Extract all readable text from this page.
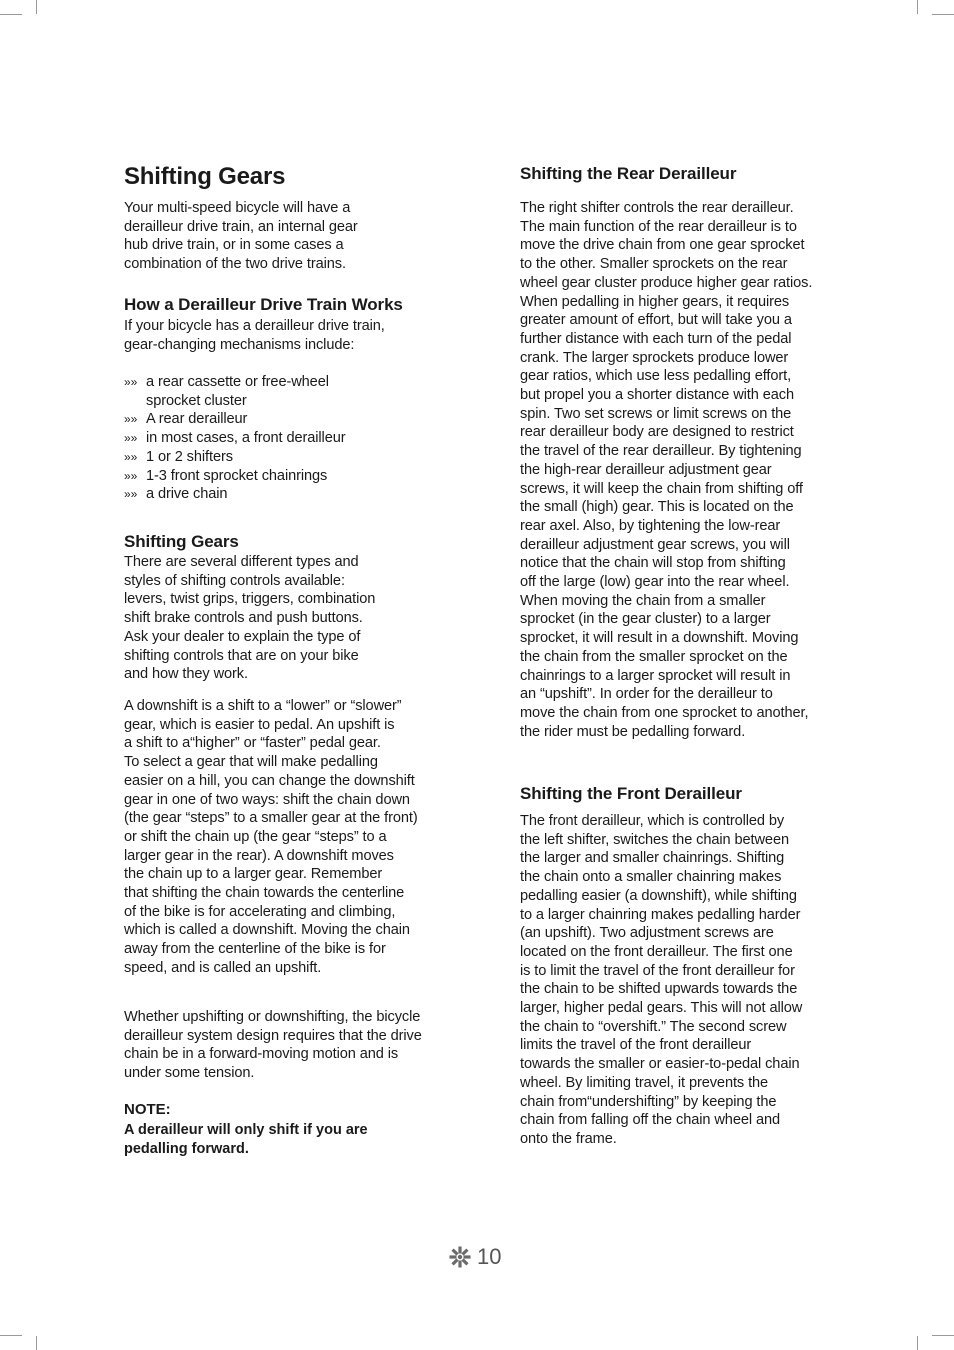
Shifting Gears

Your multi-speed bicycle will have a
derailleur drive train, an internal gear
hub drive train, or in some cases a
combination of the two drive trains.

How a Derailleur Drive Train Works

If your bicycle has a derailleur drive train,
gear-changing mechanisms include:

»» a rear cassette or free-wheel
sprocket cluster
»» A rear derailleur
»» in most cases, a front derailleur
»» 1 or 2 shifters
»» 1-3 front sprocket chainrings
»» a drive chain
Shifting Gears

There are several different types and
styles of shifting controls available:
levers, twist grips, triggers, combination
shift brake controls and push buttons.
Ask your dealer to explain the type of
shifting controls that are on your bike
and how they work.

A downshift is a shift to a “lower” or “slower”
gear, which is easier to pedal. An upshift is
a shift to a“higher” or “faster” pedal gear.
To select a gear that will make pedalling
easier on a hill, you can change the downshift
gear in one of two ways: shift the chain down
(the gear “steps” to a smaller gear at the front)
or shift the chain up (the gear “steps” to a
larger gear in the rear). A downshift moves
the chain up to a larger gear. Remember
that shifting the chain towards the centerline
of the bike is for accelerating and climbing,
which is called a downshift. Moving the chain
away from the centerline of the bike is for
speed, and is called an upshift.

Whether upshifting or downshifting, the bicycle
derailleur system design requires that the drive
chain be in a forward-moving motion and is
under some tension.

NOTE:

A derailleur will only shift if you are
pedalling forward.

Shifting the Rear Derailleur

The right shifter controls the rear derailleur.
The main function of the rear derailleur is to
move the drive chain from one gear sprocket
to the other. Smaller sprockets on the rear
wheel gear cluster produce higher gear ratios.
When pedalling in higher gears, it requires
greater amount of effort, but will take you a
further distance with each turn of the pedal
crank. The larger sprockets produce lower
gear ratios, which use less pedalling effort,
but propel you a shorter distance with each
spin. Two set screws or limit screws on the
rear derailleur body are designed to restrict
the travel of the rear derailleur. By tightening
the high-rear derailleur adjustment gear
screws, it will keep the chain from shifting off
the small (high) gear. This is located on the
rear axel. Also, by tightening the low-rear
derailleur adjustment gear screws, you will
notice that the chain will stop from shifting
off the large (low) gear into the rear wheel.
When moving the chain from a smaller
sprocket (in the gear cluster) to a larger
sprocket, it will result in a downshift. Moving
the chain from the smaller sprocket on the
chainrings to a larger sprocket will result in
an “upshift”. In order for the derailleur to
move the chain from one sprocket to another,
the rider must be pedalling forward.

Shifting the Front Derailleur

The front derailleur, which is controlled by
the left shifter, switches the chain between
the larger and smaller chainrings. Shifting
the chain onto a smaller chainring makes
pedalling easier (a downshift), while shifting
to a larger chainring makes pedalling harder
(an upshift). Two adjustment screws are
located on the front derailleur. The first one
is to limit the travel of the front derailleur for
the chain to be shifted upwards towards the
larger, higher pedal gears. This will not allow
the chain to “overshift.” The second screw
limits the travel of the front derailleur
towards the smaller or easier-to-pedal chain
wheel. By limiting travel, it prevents the
chain from“undershifting” by keeping the
chain from falling off the chain wheel and
onto the frame.

10
